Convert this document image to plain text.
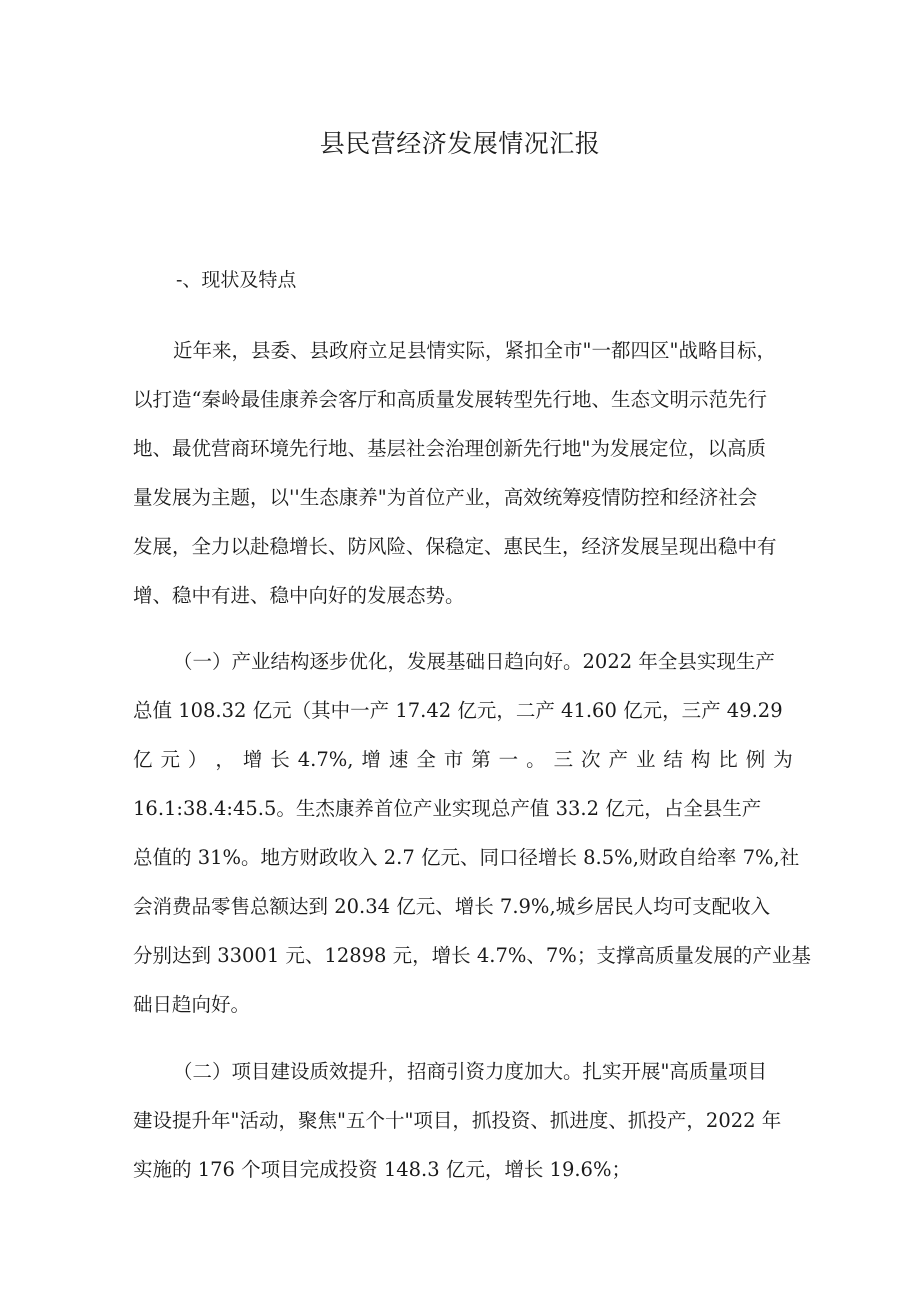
县民营经济发展情况汇报
-、现状及特点
近年来，县委、县政府立足县情实际，紧扣全市"一都四区"战略目标，
以打造“秦岭最佳康养会客厅和高质量发展转型先行地、生态文明示范先行
地、最优营商环境先行地、基层社会治理创新先行地"为发展定位，以高质
量发展为主题，以''生态康养"为首位产业，高效统筹疫情防控和经济社会
发展，全力以赴稳增长、防风险、保稳定、惠民生，经济发展呈现出稳中有
增、稳中有进、稳中向好的发展态势。
（一）产业结构逐步优化，发展基础日趋向好。2022 年全县实现生产
总值 108.32 亿元（其中一产 17.42 亿元，二产 41.60 亿元，三产 49.29
亿 元 ） ， 增 长 4.7%, 增 速 全 市 第 一 。 三 次 产 业 结 构 比 例 为
16.1:38.4:45.5。生杰康养首位产业实现总产值 33.2 亿元，占全县生产
总值的 31%。地方财政收入 2.7 亿元、同口径增长 8.5%,财政自给率 7%,社
会消费品零售总额达到 20.34 亿元、增长 7.9%,城乡居民人均可支配收入
分别达到 33001 元、12898 元，增长 4.7%、7%；支撑高质量发展的产业基
础日趋向好。
（二）项目建设质效提升，招商引资力度加大。扎实开展"高质量项目
建设提升年"活动，聚焦"五个十"项目，抓投资、抓进度、抓投产，2022 年
实施的 176 个项目完成投资 148.3 亿元，增长 19.6%；
